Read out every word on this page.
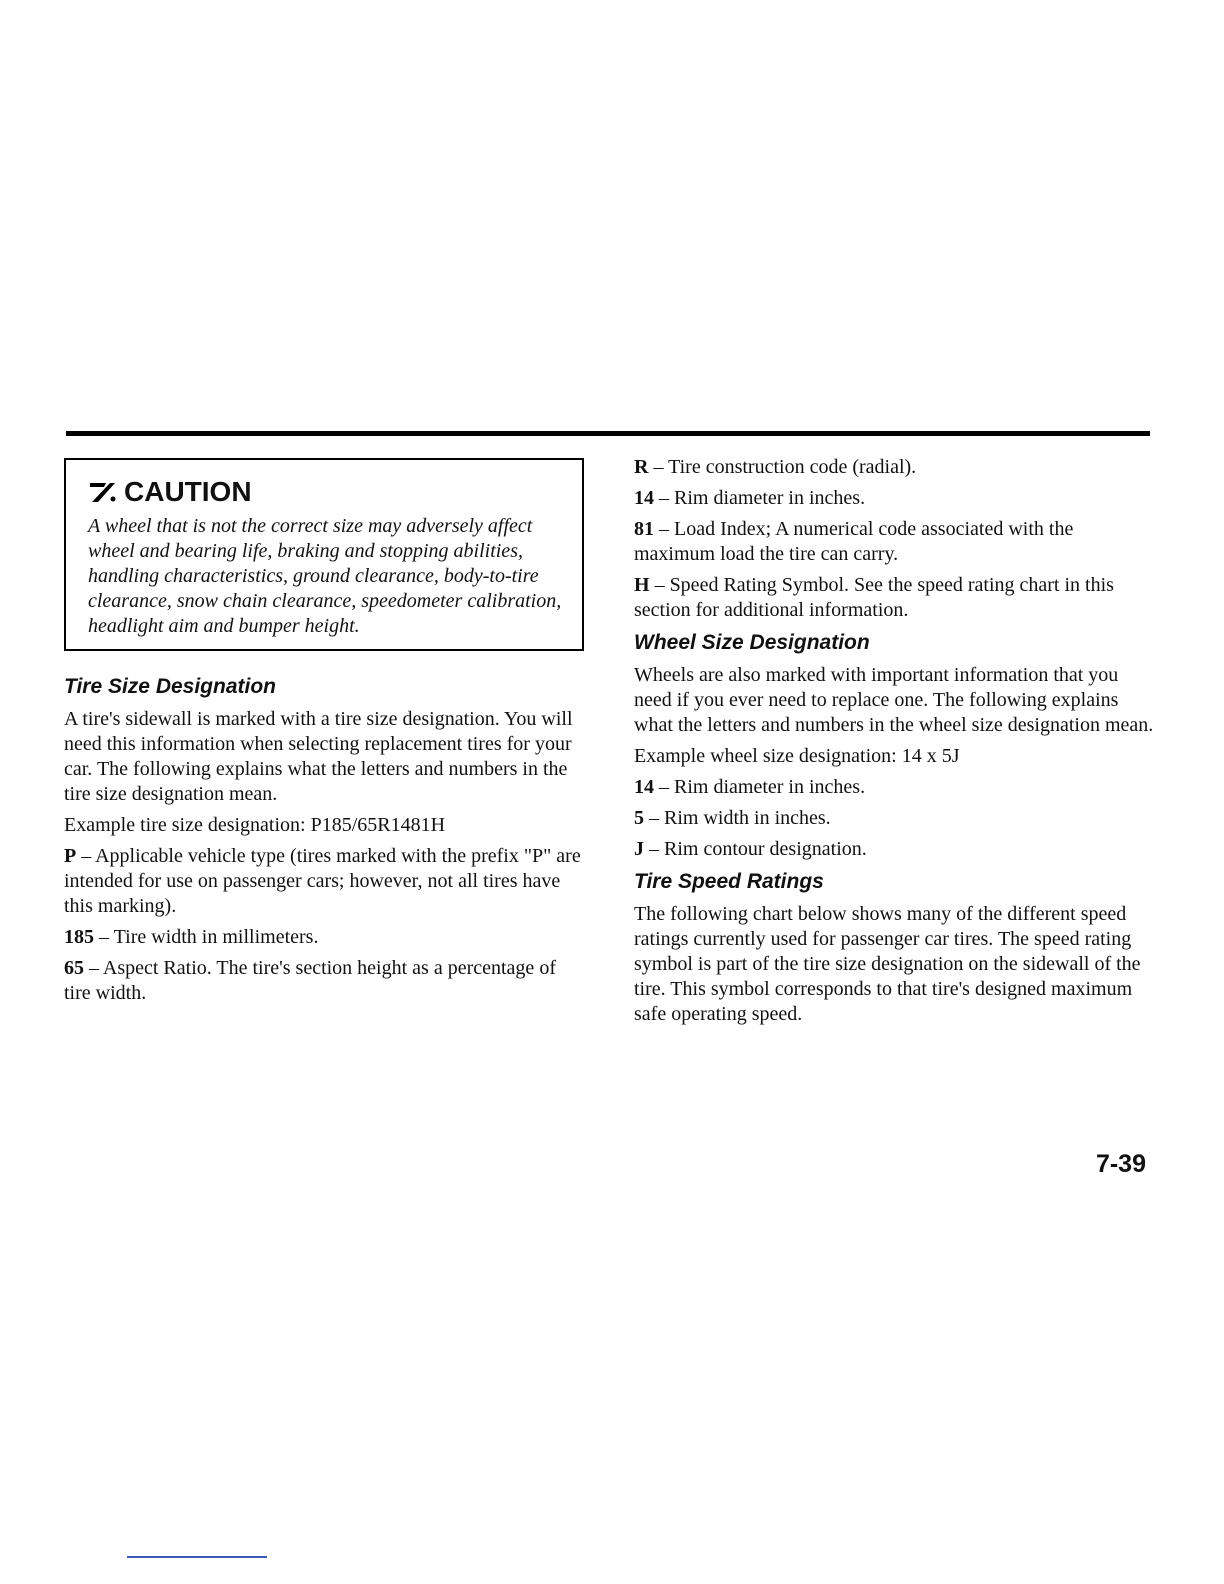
CAUTION

A wheel that is not the correct size may adversely affect wheel and bearing life, braking and stopping abilities, handling characteristics, ground clearance, body-to-tire clearance, snow chain clearance, speedometer calibration, headlight aim and bumper height.

Tire Size Designation

A tire's sidewall is marked with a tire size designation. You will need this information when selecting replacement tires for your car. The following explains what the letters and numbers in the tire size designation mean.

Example tire size designation: P185/65R1481H

P – Applicable vehicle type (tires marked with the prefix "P" are intended for use on passenger cars; however, not all tires have this marking).

185 – Tire width in millimeters.

65 – Aspect Ratio. The tire's section height as a percentage of tire width.

R – Tire construction code (radial).

14 – Rim diameter in inches.

81 – Load Index; A numerical code associated with the maximum load the tire can carry.

H – Speed Rating Symbol. See the speed rating chart in this section for additional information.

Wheel Size Designation

Wheels are also marked with important information that you need if you ever need to replace one. The following explains what the letters and numbers in the wheel size designation mean.

Example wheel size designation: 14 x 5J

14 – Rim diameter in inches.

5 – Rim width in inches.

J – Rim contour designation.

Tire Speed Ratings

The following chart below shows many of the different speed ratings currently used for passenger car tires. The speed rating symbol is part of the tire size designation on the sidewall of the tire. This symbol corresponds to that tire's designed maximum safe operating speed.

7-39
